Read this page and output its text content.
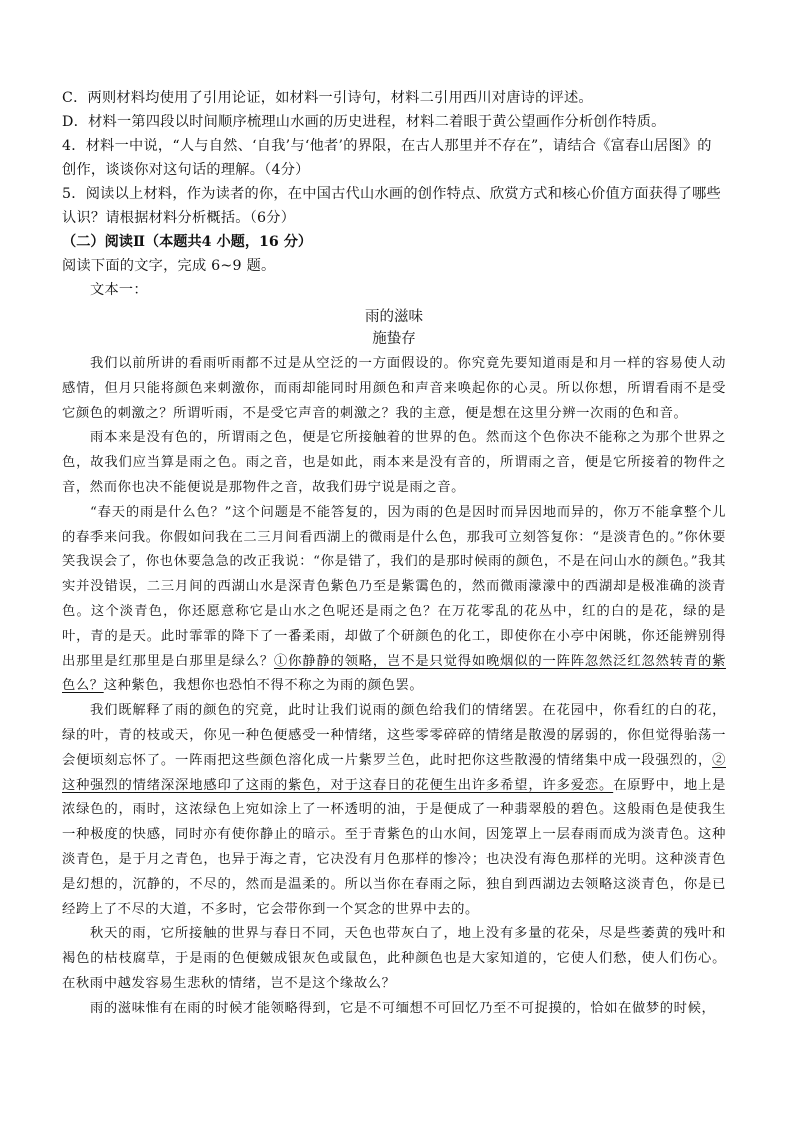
C．两则材料均使用了引用论证，如材料一引诗句，材料二引用西川对唐诗的评述。

D．材料一第四段以时间顺序梳理山水画的历史进程，材料二着眼于黄公望画作分析创作特质。

4．材料一中说，“人与自然、‘自我’与‘他者’的界限，在古人那里并不存在”，请结合《富春山居图》的创作，谈谈你对这句话的理解。（4分）

5．阅读以上材料，作为读者的你，在中国古代山水画的创作特点、欣赏方式和核心价值方面获得了哪些认识？请根据材料分析概括。（6分）

（二）阅读Ⅱ（本题共4 小题，16 分）

阅读下面的文字，完成 6~9 题。

文本一：

雨的滋味

施蛰存

我们以前所讲的看雨听雨都不过是从空泛的一方面假设的。你究竟先要知道雨是和月一样的容易使人动感情，但月只能将颜色来刺激你，而雨却能同时用颜色和声音来唤起你的心灵。所以你想，所谓看雨不是受它颜色的刺激之？所谓听雨，不是受它声音的刺激之？我的主意，便是想在这里分辨一次雨的色和音。

雨本来是没有色的，所谓雨之色，便是它所接触着的世界的色。然而这个色你决不能称之为那个世界之色，故我们应当算是雨之色。雨之音，也是如此，雨本来是没有音的，所谓雨之音，便是它所接着的物件之音，然而你也决不能便说是那物件之音，故我们毋宁说是雨之音。

“春天的雨是什么色？”这个问题是不能答复的，因为雨的色是因时而异因地而异的，你万不能拿整个儿的春季来问我。你假如问我在二三月间看西湖上的微雨是什么色，那我可立刻答复你：“是淡青色的。”你休要笑我误会了，你也休要急急的改正我说：“你是错了，我们的是那时候雨的颜色，不是在问山水的颜色。”我其实并没错误，二三月间的西湖山水是深青色紫色乃至是紫霭色的，然而微雨濛濛中的西湖却是极准确的淡青色。这个淡青色，你还愿意称它是山水之色呢还是雨之色？在万花零乱的花丛中，红的白的是花，绿的是叶，青的是天。此时霏霏的降下了一番柔雨，却做了个研颜色的化工，即使你在小亭中闲眺，你还能辨别得出那里是红那里是白那里是绿么？①你静静的领略，岂不是只觉得如晚烟似的一阵阵忽然泛红忽然转青的紫色么？这种紫色，我想你也恐怕不得不称之为雨的颜色罢。

我们既解释了雨的颜色的究竟，此时让我们说雨的颜色给我们的情绪罢。在花园中，你看红的白的花，绿的叶，青的枝或天，你见一种色便感受一种情绪，这些零零碎碎的情绪是散漫的孱弱的，你但觉得骀荡一会便顷刻忘怀了。一阵雨把这些颜色溶化成一片紫罗兰色，此时把你这些散漫的情绪集中成一段强烈的，②这种强烈的情绪深深地感印了这雨的紫色，对于这春日的花便生出许多希望，许多爱恋。在原野中，地上是浓绿色的，雨时，这浓绿色上宛如涂上了一杯透明的油，于是便成了一种翡翠般的碧色。这般雨色是使我生一种极度的快感，同时亦有使你静止的暗示。至于青紫色的山水间，因笼罩上一层春雨而成为淡青色。这种淡青色，是于月之青色，也异于海之青，它决没有月色那样的惨冷；也决没有海色那样的光明。这种淡青色是幻想的，沉静的，不尽的，然而是温柔的。所以当你在春雨之际，独自到西湖边去领略这淡青色，你是已经跨上了不尽的大道，不多时，它会带你到一个冥念的世界中去的。

秋天的雨，它所接触的世界与春日不同，天色也带灰白了，地上没有多量的花朵，尽是些萎黄的残叶和褐色的枯枝腐草，于是雨的色便皴成银灰色或鼠色，此种颜色也是大家知道的，它使人们愁，使人们伤心。在秋雨中越发容易生悲秋的情绪，岂不是这个缘故么？

雨的滋味惟有在雨的时候才能领略得到，它是不可缅想不可回忆乃至不可捉摸的，恰如在做梦的时候，
